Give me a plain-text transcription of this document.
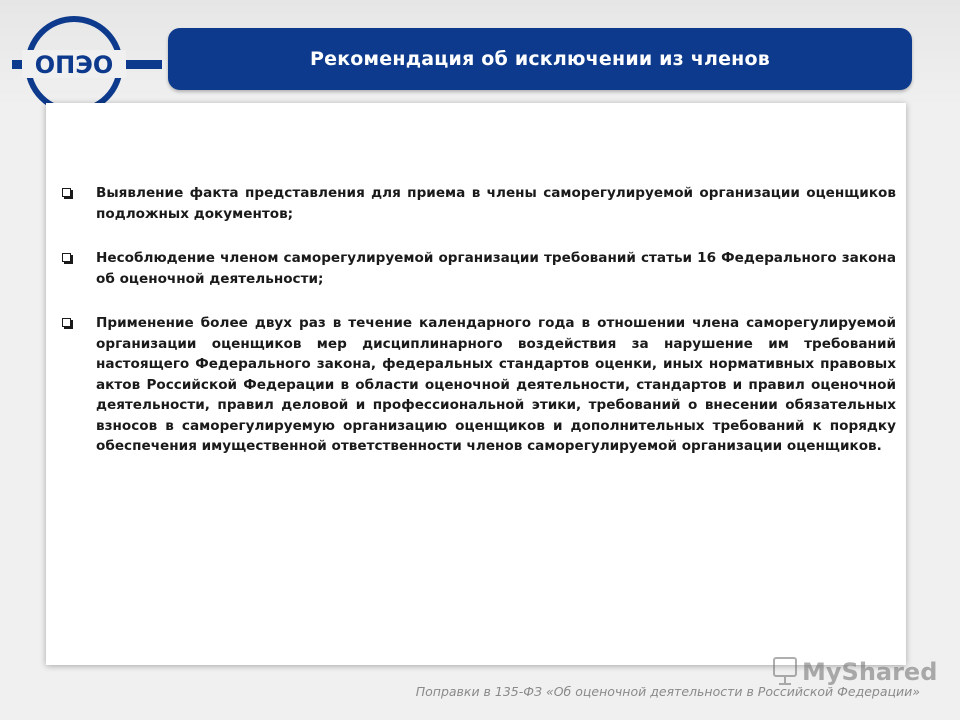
ОПЭО	Рекомендация об исключении из членов
Выявление факта представления для приема в члены саморегулируемой организации оценщиков подложных документов;
Несоблюдение членом саморегулируемой организации требований статьи 16 Федерального закона об оценочной деятельности;
Применение более двух раз в течение календарного года в отношении члена саморегулируемой организации оценщиков мер дисциплинарного воздействия за нарушение им требований настоящего Федерального закона, федеральных стандартов оценки, иных нормативных правовых актов Российской Федерации в области оценочной деятельности, стандартов и правил оценочной деятельности, правил деловой и профессиональной этики, требований о внесении обязательных взносов в саморегулируемую организацию оценщиков и дополнительных требований к порядку обеспечения имущественной ответственности членов саморегулируемой организации оценщиков.
MyShared
Поправки в 135-ФЗ «Об оценочной деятельности в Российской Федерации»
